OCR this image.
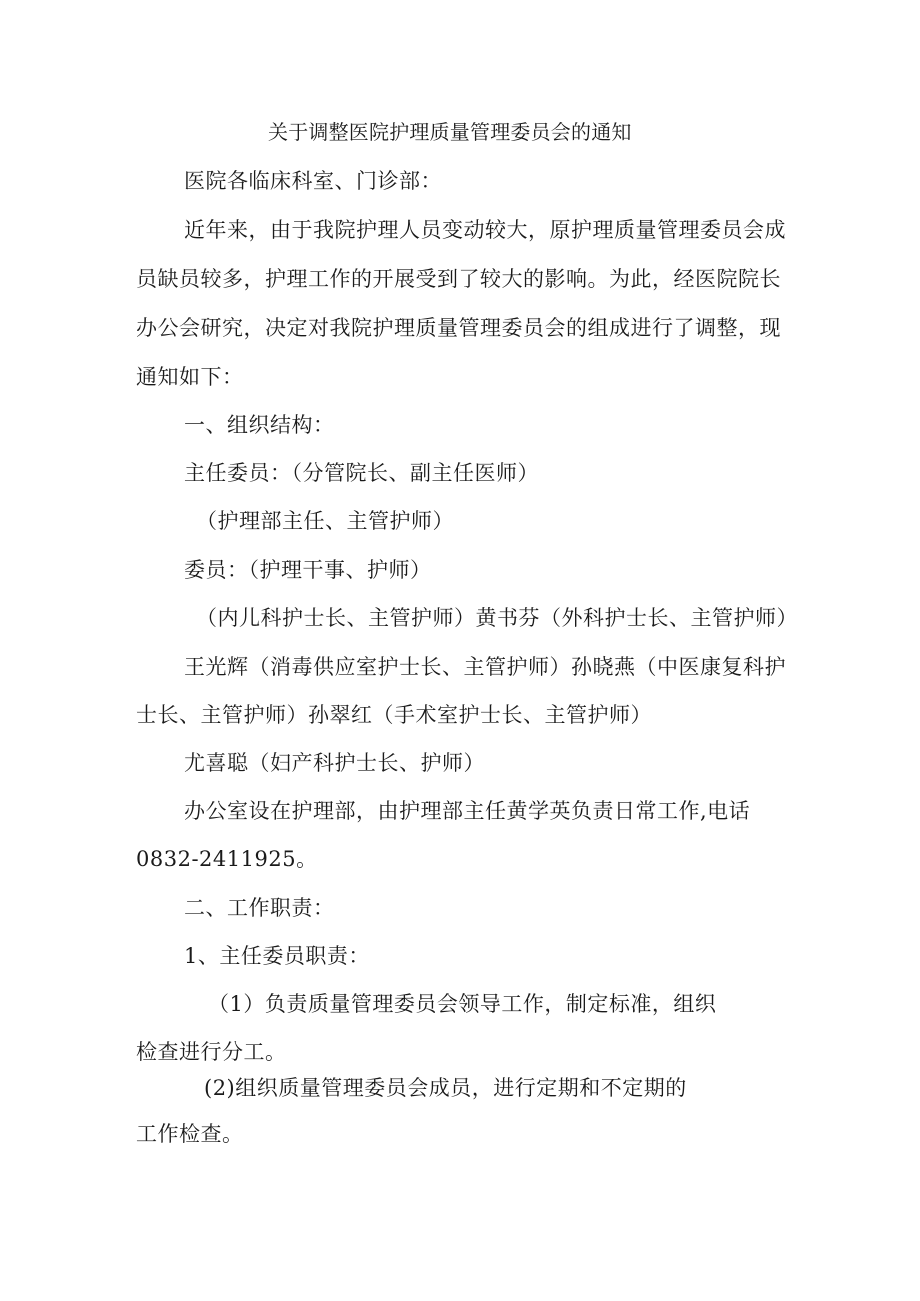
关于调整医院护理质量管理委员会的通知
医院各临床科室、门诊部：
近年来，由于我院护理人员变动较大，原护理质量管理委员会成
员缺员较多，护理工作的开展受到了较大的影响。为此，经医院院长
办公会研究，决定对我院护理质量管理委员会的组成进行了调整，现
通知如下：
一、组织结构：
主任委员：（分管院长、副主任医师）
（护理部主任、主管护师）
委员：（护理干事、护师）
（内儿科护士长、主管护师）黄书芬（外科护士长、主管护师）
王光辉（消毒供应室护士长、主管护师）孙晓燕（中医康复科护
士长、主管护师）孙翠红（手术室护士长、主管护师）
尤喜聪（妇产科护士长、护师）
办公室设在护理部，由护理部主任黄学英负责日常工作,电话
0832-2411925。
二、工作职责：
1、主任委员职责：
（1）负责质量管理委员会领导工作，制定标准，组织
检查进行分工。
(2)组织质量管理委员会成员，进行定期和不定期的
工作检查。
